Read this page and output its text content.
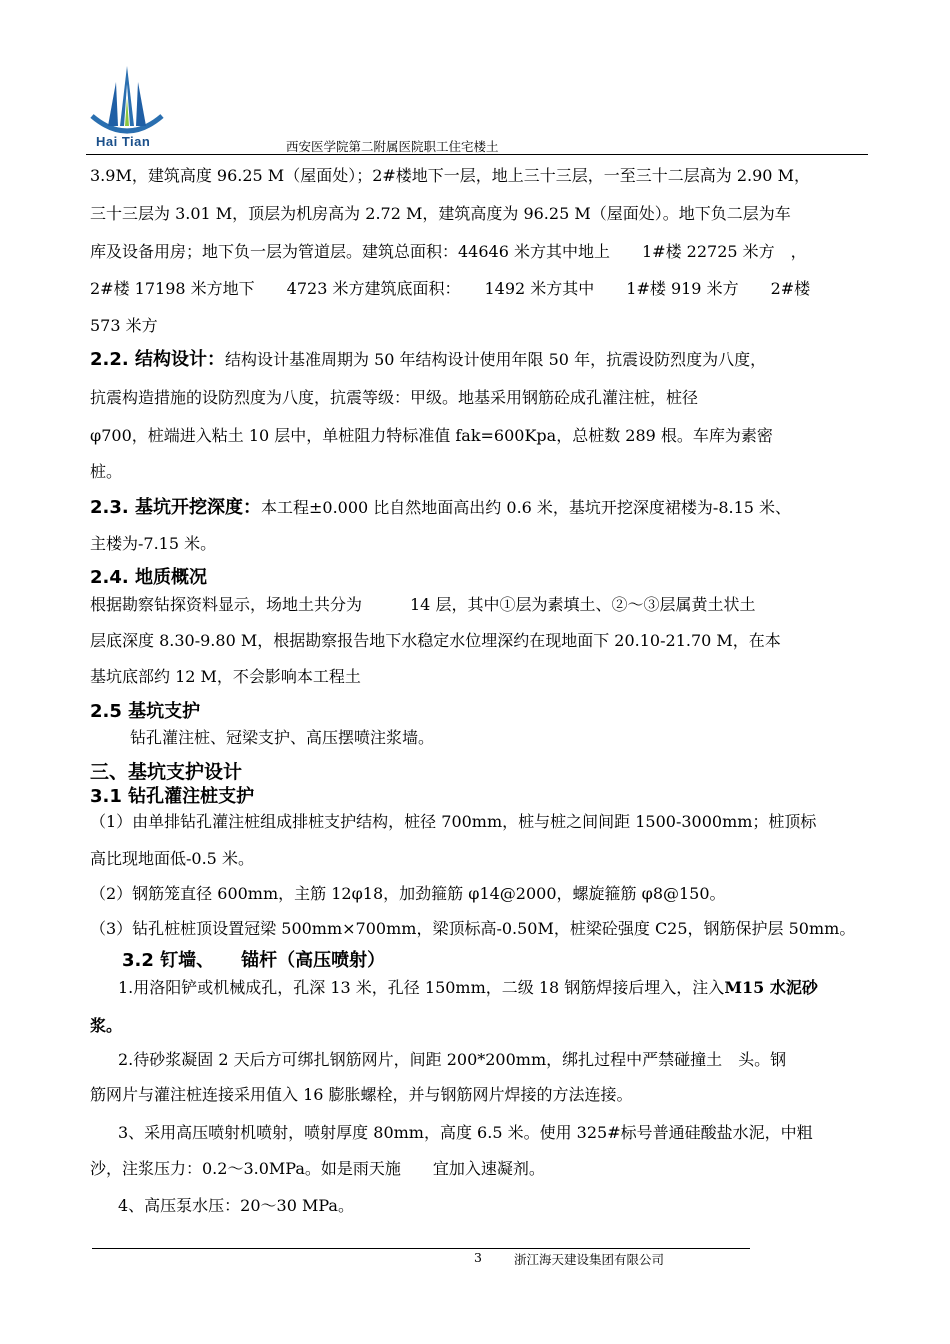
Hai Tian	西安医学院第二附属医院职工住宅楼土
3.9M，建筑高度 96.25 M（屋面处）；2#楼地下一层，地上三十三层，一至三十二层高为 2.90 M，
三十三层为 3.01 M，顶层为机房高为 2.72 M，建筑高度为 96.25 M（屋面处）。地下负二层为车
库及设备用房；地下负一层为管道层。建筑总面积：44646 米方其中地上　　1#楼 22725 米方　，
2#楼 17198 米方地下　　4723 米方建筑底面积：　　1492 米方其中　　1#楼 919 米方　　2#楼
573 米方
2.2. 结构设计：结构设计基准周期为 50 年结构设计使用年限 50 年，抗震设防烈度为八度，
抗震构造措施的设防烈度为八度，抗震等级：甲级。地基采用钢筋砼成孔灌注桩，桩径
φ700，桩端进入粘土 10 层中，单桩阻力特标准值 fak=600Kpa，总桩数 289 根。车库为素密
桩。
2.3. 基坑开挖深度：本工程±0.000 比自然地面高出约 0.6 米，基坑开挖深度裙楼为-8.15 米、
主楼为-7.15 米。
2.4. 地质概况
根据勘察钻探资料显示，场地土共分为　　　14 层，其中①层为素填土、②～③层属黄土状土
层底深度 8.30-9.80 M，根据勘察报告地下水稳定水位埋深约在现地面下 20.10-21.70 M，在本
基坑底部约 12 M，不会影响本工程土
2.5 基坑支护
钻孔灌注桩、冠梁支护、高压摆喷注浆墙。
三、基坑支护设计
3.1 钻孔灌注桩支护
（1）由单排钻孔灌注桩组成排桩支护结构，桩径 700mm，桩与桩之间间距 1500-3000mm；桩顶标
高比现地面低-0.5 米。
（2）钢筋笼直径 600mm，主筋 12φ18，加劲箍筋 φ14@2000，螺旋箍筋 φ8@150。
（3）钻孔桩桩顶设置冠梁 500mm×700mm，梁顶标高-0.50M，桩梁砼强度 C25，钢筋保护层 50mm。
3.2 钉墙、　　锚杆（高压喷射）
1.用洛阳铲或机械成孔，孔深 13 米，孔径 150mm，二级 18 钢筋焊接后埋入，注入M15 水泥砂
浆。
2.待砂浆凝固 2 天后方可绑扎钢筋网片，间距 200*200mm，绑扎过程中严禁碰撞土　头。钢
筋网片与灌注桩连接采用值入 16 膨胀螺栓，并与钢筋网片焊接的方法连接。
3、采用高压喷射机喷射，喷射厚度 80mm，高度 6.5 米。使用 325#标号普通硅酸盐水泥，中粗
沙，注浆压力：0.2～3.0MPa。如是雨天施　　宜加入速凝剂。
4、高压泵水压：20～30 MPa。
3	浙江海天建设集团有限公司
